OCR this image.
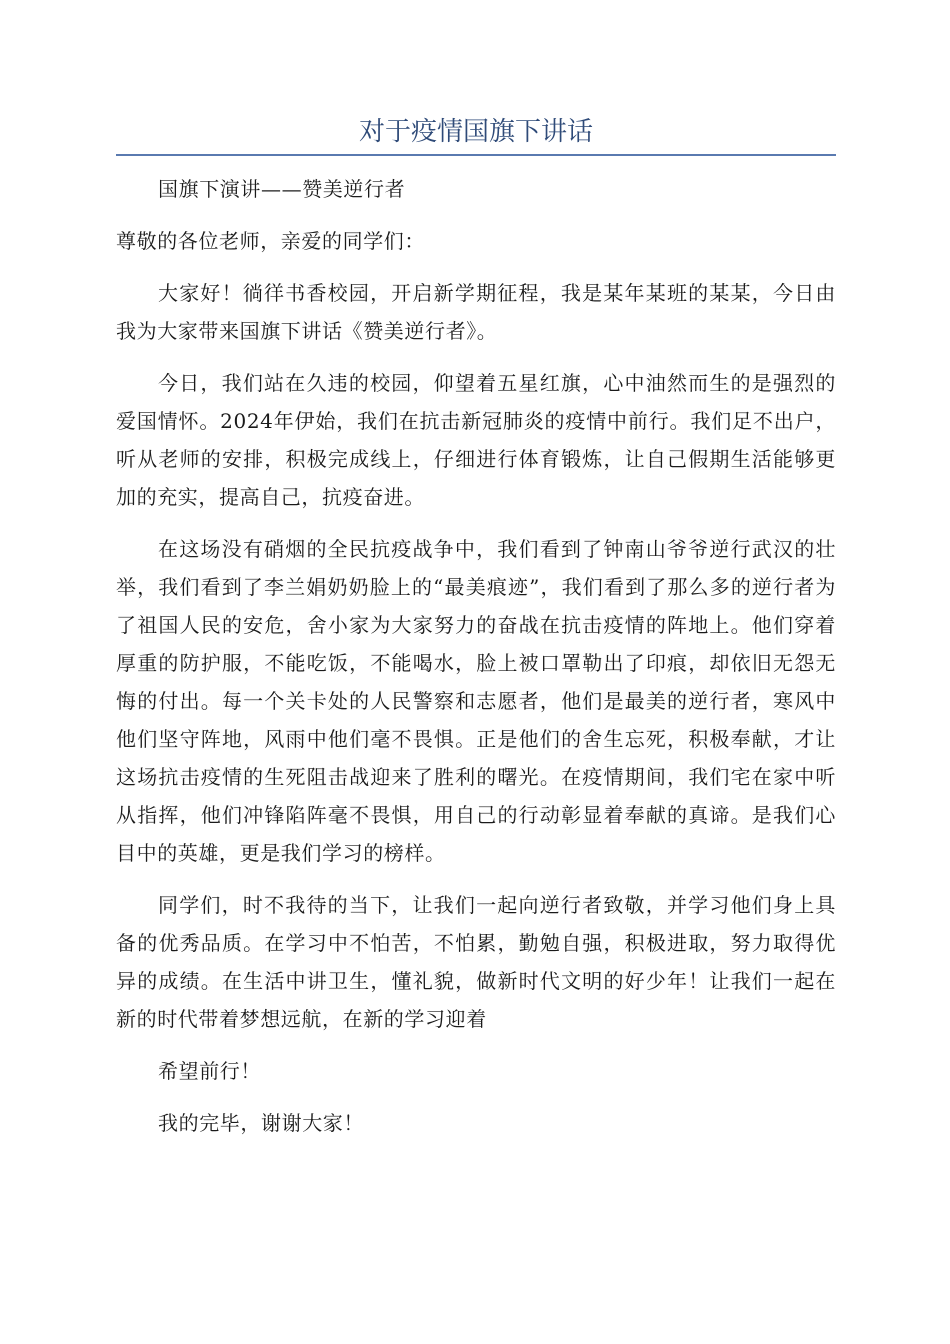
对于疫情国旗下讲话

国旗下演讲——赞美逆行者

尊敬的各位老师，亲爱的同学们：

大家好！徜徉书香校园，开启新学期征程，我是某年某班的某某，今日由我为大家带来国旗下讲话《赞美逆行者》。

今日，我们站在久违的校园，仰望着五星红旗，心中油然而生的是强烈的爱国情怀。2024年伊始，我们在抗击新冠肺炎的疫情中前行。我们足不出户，听从老师的安排，积极完成线上，仔细进行体育锻炼，让自己假期生活能够更加的充实，提高自己，抗疫奋进。

在这场没有硝烟的全民抗疫战争中，我们看到了钟南山爷爷逆行武汉的壮举，我们看到了李兰娟奶奶脸上的“最美痕迹”，我们看到了那么多的逆行者为了祖国人民的安危，舍小家为大家努力的奋战在抗击疫情的阵地上。他们穿着厚重的防护服，不能吃饭，不能喝水，脸上被口罩勒出了印痕，却依旧无怨无悔的付出。每一个关卡处的人民警察和志愿者，他们是最美的逆行者，寒风中他们坚守阵地，风雨中他们毫不畏惧。正是他们的舍生忘死，积极奉献，才让这场抗击疫情的生死阻击战迎来了胜利的曙光。在疫情期间，我们宅在家中听从指挥，他们冲锋陷阵毫不畏惧，用自己的行动彰显着奉献的真谛。是我们心目中的英雄，更是我们学习的榜样。

同学们，时不我待的当下，让我们一起向逆行者致敬，并学习他们身上具备的优秀品质。在学习中不怕苦，不怕累，勤勉自强，积极进取，努力取得优异的成绩。在生活中讲卫生，懂礼貌，做新时代文明的好少年！让我们一起在新的时代带着梦想远航，在新的学习迎着

希望前行！

我的完毕，谢谢大家！
